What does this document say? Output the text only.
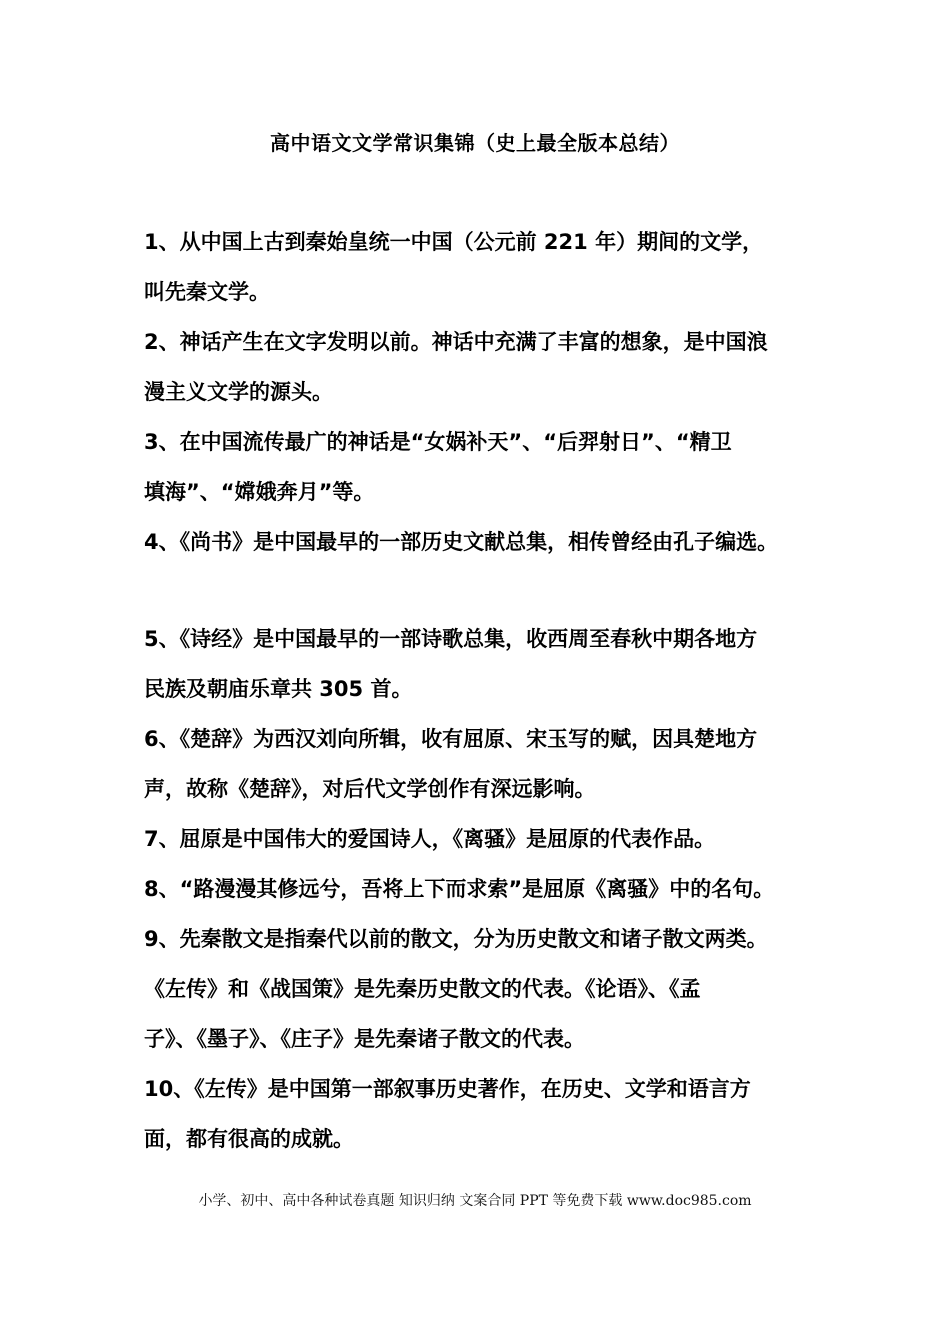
高中语文文学常识集锦（史上最全版本总结）
1、从中国上古到秦始皇统一中国（公元前 221 年）期间的文学，
叫先秦文学。
2、神话产生在文字发明以前。神话中充满了丰富的想象，是中国浪
漫主义文学的源头。
3、在中国流传最广的神话是“女娲补天”、“后羿射日”、“精卫
填海”、“嫦娥奔月”等。
4、《尚书》是中国最早的一部历史文献总集，相传曾经由孔子编选。
5、《诗经》是中国最早的一部诗歌总集，收西周至春秋中期各地方
民族及朝庙乐章共 305 首。
6、《楚辞》为西汉刘向所辑，收有屈原、宋玉写的赋，因具楚地方
声，故称《楚辞》，对后代文学创作有深远影响。
7、屈原是中国伟大的爱国诗人，《离骚》是屈原的代表作品。
8、“路漫漫其修远兮，吾将上下而求索”是屈原《离骚》中的名句。
9、先秦散文是指秦代以前的散文，分为历史散文和诸子散文两类。
《左传》和《战国策》是先秦历史散文的代表。《论语》、《孟
子》、《墨子》、《庄子》是先秦诸子散文的代表。
10、《左传》是中国第一部叙事历史著作，在历史、文学和语言方
面，都有很高的成就。
小学、初中、高中各种试卷真题 知识归纳 文案合同 PPT 等免费下载 www.doc985.com
